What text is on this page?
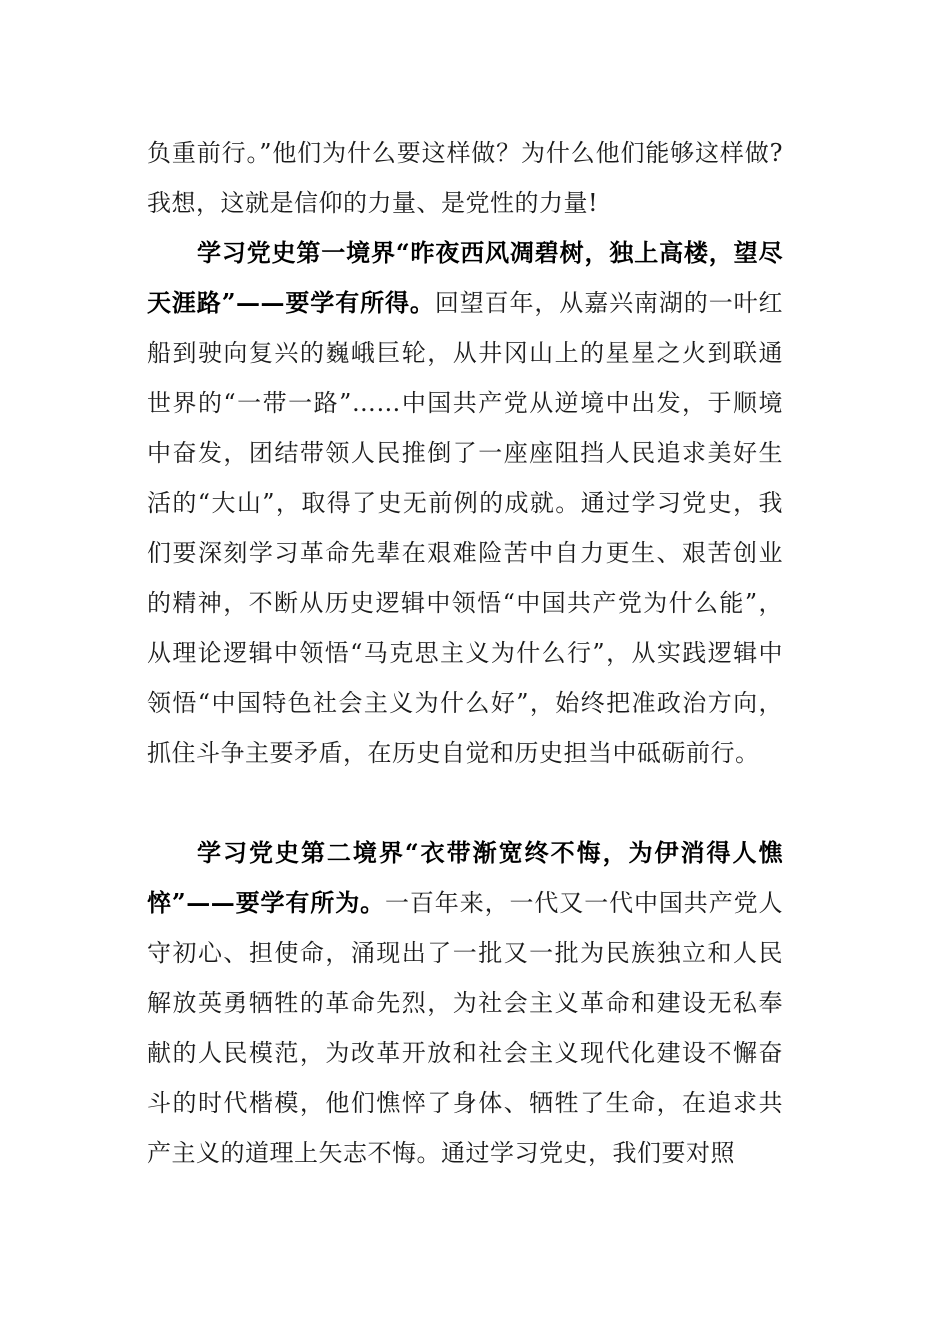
负重前行。”他们为什么要这样做？为什么他们能够这样做?我想，这就是信仰的力量、是党性的力量!

学习党史第一境界“昨夜西风凋碧树，独上高楼，望尽天涯路”——要学有所得。回望百年，从嘉兴南湖的一叶红船到驶向复兴的巍峨巨轮，从井冈山上的星星之火到联通世界的“一带一路”……中国共产党从逆境中出发，于顺境中奋发，团结带领人民推倒了一座座阻挡人民追求美好生活的“大山”，取得了史无前例的成就。通过学习党史，我们要深刻学习革命先辈在艰难险苦中自力更生、艰苦创业的精神，不断从历史逻辑中领悟“中国共产党为什么能”，从理论逻辑中领悟“马克思主义为什么行”，从实践逻辑中领悟“中国特色社会主义为什么好”，始终把准政治方向，抓住斗争主要矛盾，在历史自觉和历史担当中砥砺前行。

学习党史第二境界“衣带渐宽终不悔，为伊消得人憔悴”——要学有所为。一百年来，一代又一代中国共产党人守初心、担使命，涌现出了一批又一批为民族独立和人民解放英勇牺牲的革命先烈，为社会主义革命和建设无私奉献的人民模范，为改革开放和社会主义现代化建设不懈奋斗的时代楷模，他们憔悴了身体、牺牲了生命，在追求共产主义的道理上矢志不悔。通过学习党史，我们要对照
